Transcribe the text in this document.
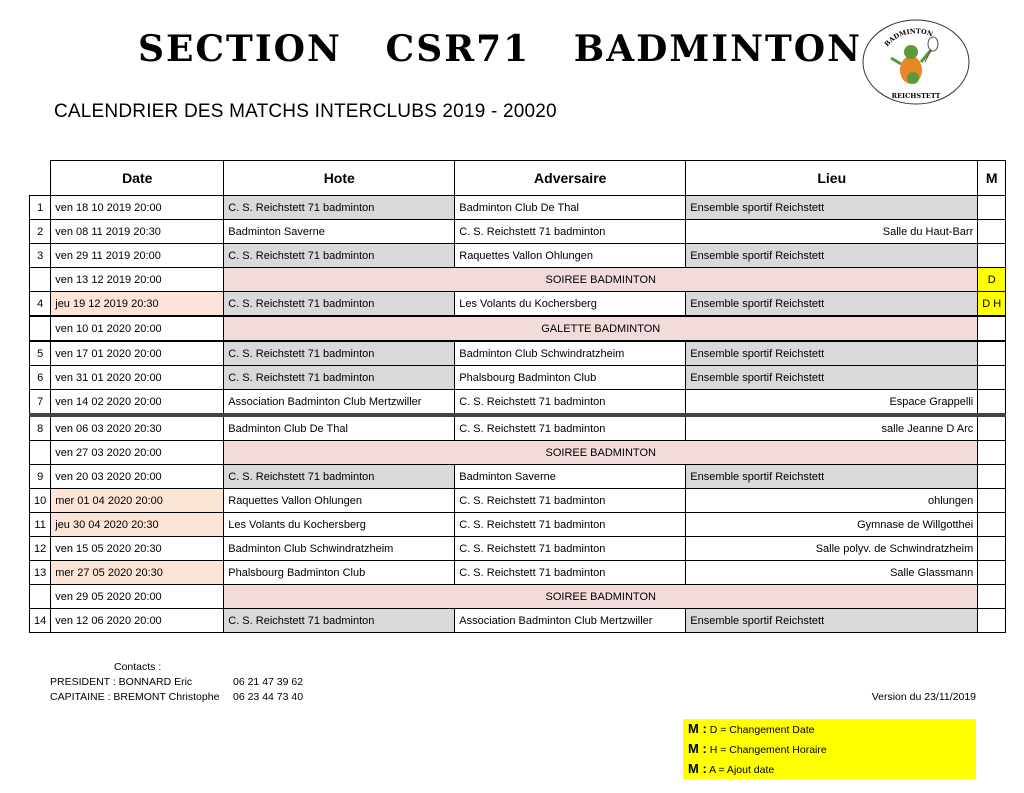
SECTION   CSR71   BADMINTON
CALENDRIER DES MATCHS INTERCLUBS 2019 - 20020
BADMINTON
REICHSTETT
	Date	Hote	Adversaire	Lieu	M
1	ven 18 10 2019 20:00	C. S. Reichstett 71 badminton	Badminton Club De Thal	Ensemble sportif Reichstett	
2	ven 08 11 2019 20:30	Badminton Saverne	C. S. Reichstett 71 badminton	Salle du Haut-Barr	
3	ven 29 11 2019 20:00	C. S. Reichstett 71 badminton	Raquettes Vallon Ohlungen	Ensemble sportif Reichstett	
	ven 13 12 2019 20:00	SOIREE BADMINTON			D
4	jeu 19 12 2019 20:30	C. S. Reichstett 71 badminton	Les Volants du Kochersberg	Ensemble sportif Reichstett	D H
	ven 10 01 2020 20:00	GALETTE BADMINTON			
5	ven 17 01 2020 20:00	C. S. Reichstett 71 badminton	Badminton Club Schwindratzheim	Ensemble sportif Reichstett	
6	ven 31 01 2020 20:00	C. S. Reichstett 71 badminton	Phalsbourg Badminton Club	Ensemble sportif Reichstett	
7	ven 14 02 2020 20:00	Association Badminton Club Mertzwiller	C. S. Reichstett 71 badminton	Espace Grappelli	
8	ven 06 03 2020 20:30	Badminton Club De Thal	C. S. Reichstett 71 badminton	salle Jeanne D Arc	
	ven 27 03 2020 20:00	SOIREE BADMINTON			
9	ven 20 03 2020 20:00	C. S. Reichstett 71 badminton	Badminton Saverne	Ensemble sportif Reichstett	
10	mer 01 04 2020 20:00	Raquettes Vallon Ohlungen	C. S. Reichstett 71 badminton	ohlungen	
11	jeu 30 04 2020 20:30	Les Volants du Kochersberg	C. S. Reichstett 71 badminton	Gymnase de Willgotthei	
12	ven 15 05 2020 20:30	Badminton Club Schwindratzheim	C. S. Reichstett 71 badminton	Salle polyv. de Schwindratzheim	
13	mer 27 05 2020 20:30	Phalsbourg Badminton Club	C. S. Reichstett 71 badminton	Salle Glassmann	
	ven 29 05 2020 20:00	SOIREE BADMINTON			
14	ven 12 06 2020 20:00	C. S. Reichstett 71 badminton	Association Badminton Club Mertzwiller	Ensemble sportif Reichstett	
Contacts :
PRESIDENT : BONNARD Eric	06 21 47 39 62
CAPITAINE : BREMONT Christophe 06 23 44 73 40	Version du 23/11/2019
M : D = Changement Date
M : H = Changement Horaire
M : A = Ajout date
